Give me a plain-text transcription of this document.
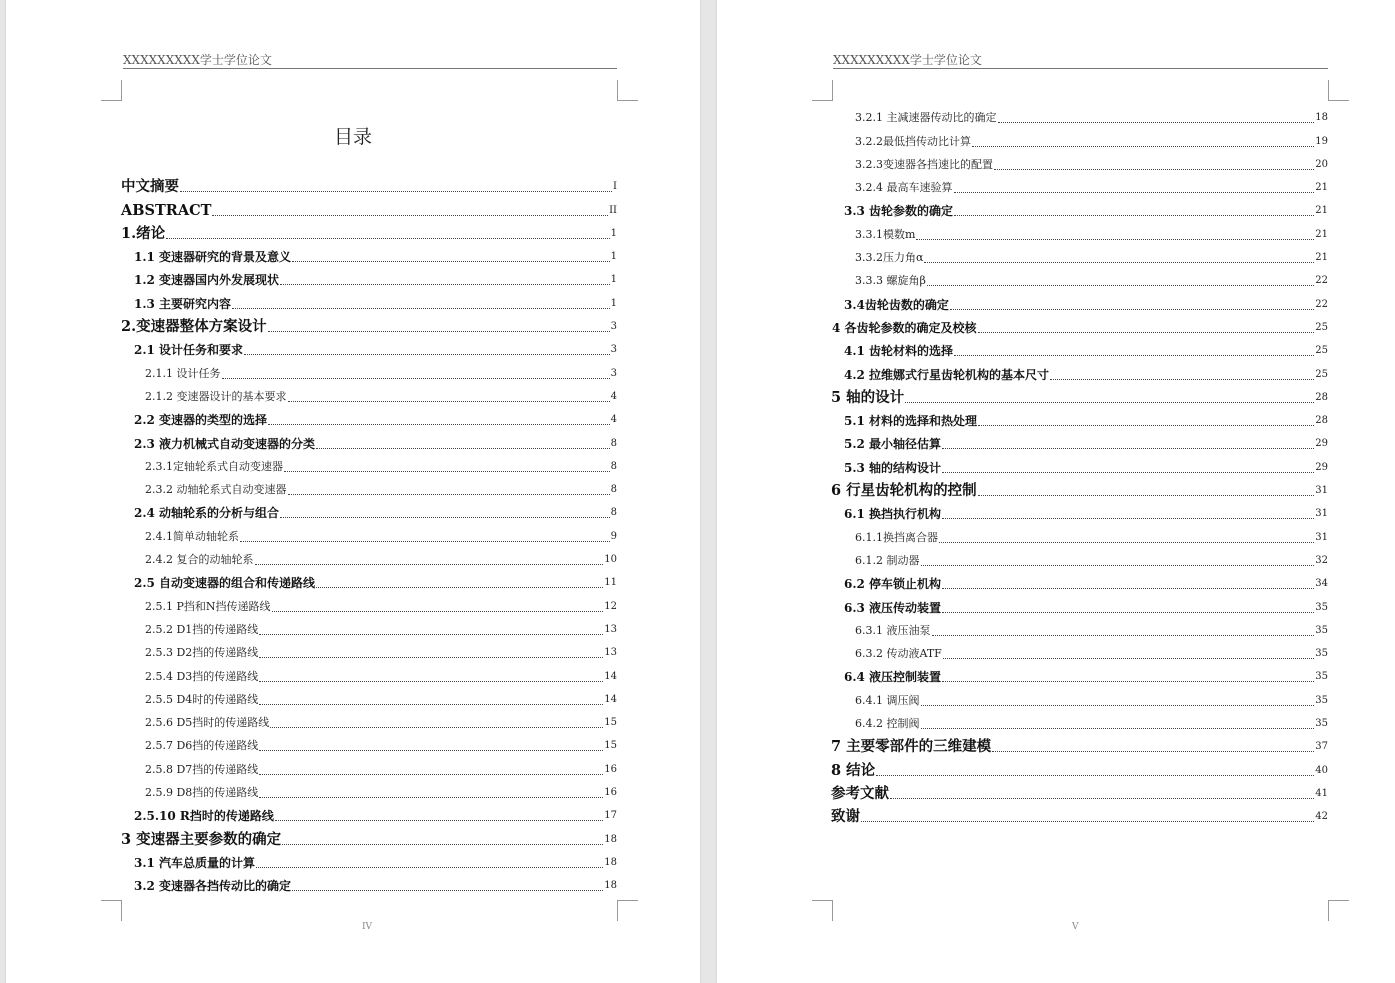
XXXXXXXXX学士学位论文
目录
中文摘要	I
ABSTRACT	II
1.绪论	1
1.1 变速器研究的背景及意义	1
1.2 变速器国内外发展现状	1
1.3 主要研究内容	1
2.变速器整体方案设计	3
2.1 设计任务和要求	3
2.1.1 设计任务	3
2.1.2 变速器设计的基本要求	4
2.2 变速器的类型的选择	4
2.3 液力机械式自动变速器的分类	8
2.3.1定轴轮系式自动变速器	8
2.3.2 动轴轮系式自动变速器	8
2.4 动轴轮系的分析与组合	8
2.4.1简单动轴轮系	9
2.4.2 复合的动轴轮系	10
2.5 自动变速器的组合和传递路线	11
2.5.1 P挡和N挡传递路线	12
2.5.2 D1挡的传递路线	13
2.5.3 D2挡的传递路线	13
2.5.4 D3挡的传递路线	14
2.5.5 D4时的传递路线	14
2.5.6 D5挡时的传递路线	15
2.5.7 D6挡的传递路线	15
2.5.8 D7挡的传递路线	16
2.5.9 D8挡的传递路线	16
2.5.10 R挡时的传递路线	17
3 变速器主要参数的确定	18
3.1 汽车总质量的计算	18
3.2 变速器各挡传动比的确定	18
IV
XXXXXXXXX学士学位论文
3.2.1 主减速器传动比的确定	18
3.2.2最低挡传动比计算	19
3.2.3变速器各挡速比的配置	20
3.2.4 最高车速验算	21
3.3 齿轮参数的确定	21
3.3.1模数m	21
3.3.2压力角α	21
3.3.3 螺旋角β	22
3.4齿轮齿数的确定	22
4 各齿轮参数的确定及校核	25
4.1 齿轮材料的选择	25
4.2 拉维娜式行星齿轮机构的基本尺寸	25
5 轴的设计	28
5.1 材料的选择和热处理	28
5.2 最小轴径估算	29
5.3 轴的结构设计	29
6 行星齿轮机构的控制	31
6.1 换挡执行机构	31
6.1.1换挡离合器	31
6.1.2 制动器	32
6.2 停车锁止机构	34
6.3 液压传动装置	35
6.3.1 液压油泵	35
6.3.2 传动液ATF	35
6.4 液压控制装置	35
6.4.1 调压阀	35
6.4.2 控制阀	35
7 主要零部件的三维建模	37
8 结论	40
参考文献	41
致谢	42
V
